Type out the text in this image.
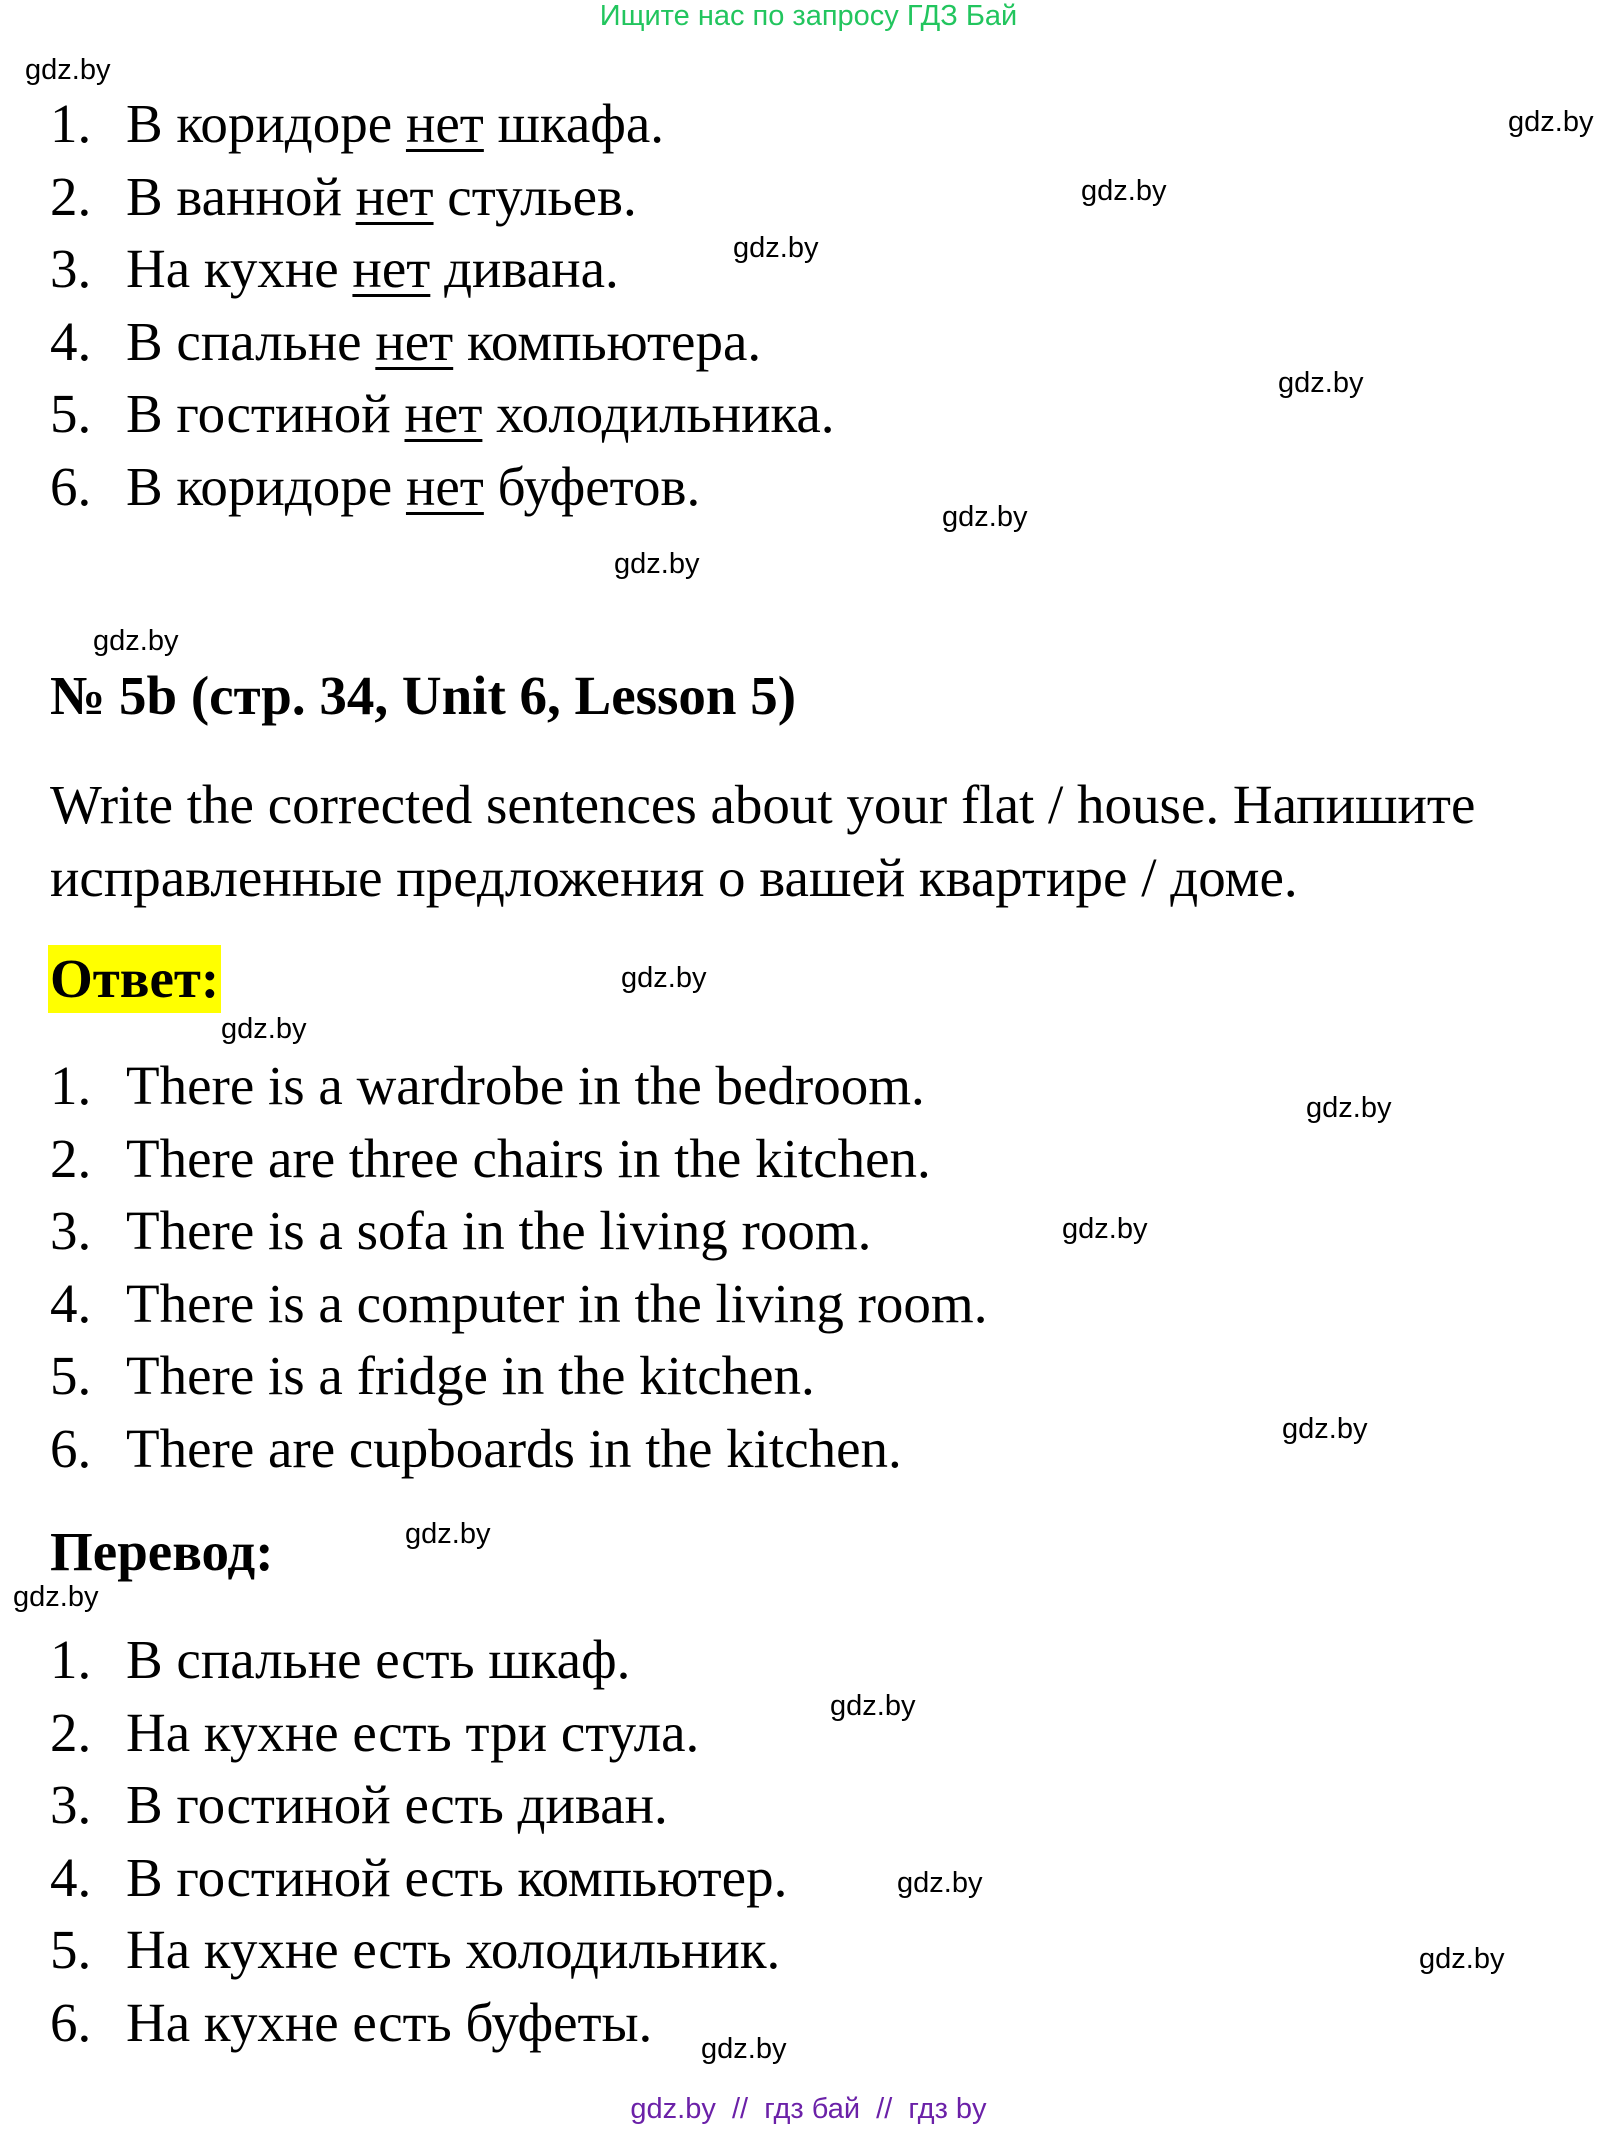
Ищите нас по запросу ГДЗ Бай
1. В коридоре
нет
шкафа.
2. В ванной
нет
стульев.
3. На кухне
нет
дивана.
4. В спальне
нет
компьютера.
5. В гостиной
нет
холодильника.
6. В коридоре
нет
буфетов.
№ 5b (стр. 34, Unit 6, Lesson 5)
Write the corrected sentences about your flat / house. Напишите исправленные предложения о вашей квартире / доме.
Ответ:
1. There is a wardrobe in the bedroom.
2. There are three chairs in the kitchen.
3. There is a sofa in the living room.
4. There is a computer in the living room.
5. There is a fridge in the kitchen.
6. There are cupboards in the kitchen.
Перевод:
1. В спальне есть шкаф.
2. На кухне есть три стула.
3. В гостиной есть диван.
4. В гостиной есть компьютер.
5. На кухне есть холодильник.
6. На кухне есть буфеты.
gdz.by
gdz.by
gdz.by
gdz.by
gdz.by
gdz.by
gdz.by
gdz.by
gdz.by
gdz.by
gdz.by
gdz.by
gdz.by
gdz.by
gdz.by
gdz.by
gdz.by
gdz.by
gdz.by
gdz.by  //  гдз бай  //  гдз by
